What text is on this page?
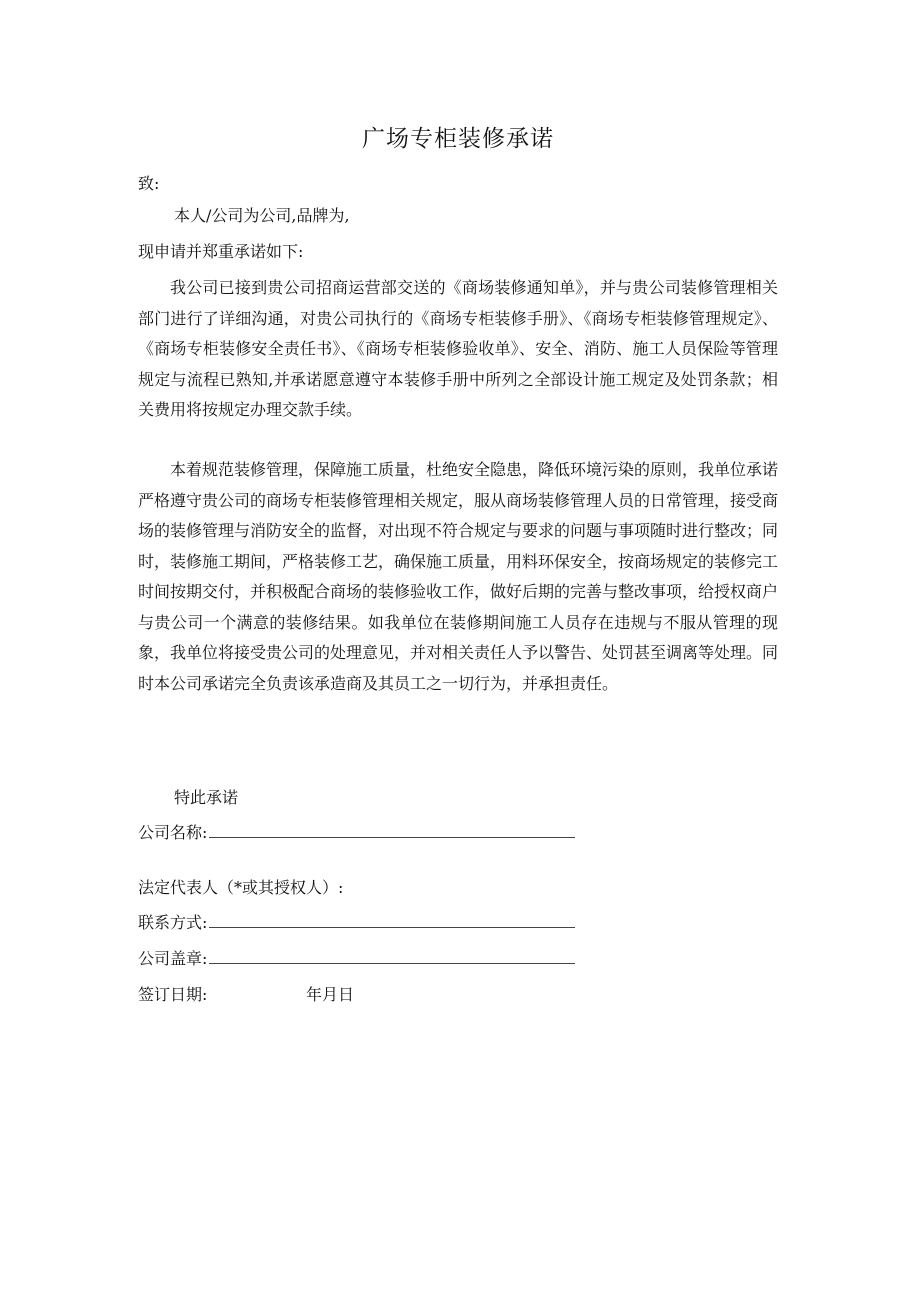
广场专柜装修承诺
致:
本人/公司为公司,品牌为,
现申请并郑重承诺如下:

我公司已接到贵公司招商运营部交送的《商场装修通知单》，并与贵公司装修管理相关部门进行了详细沟通，对贵公司执行的《商场专柜装修手册》、《商场专柜装修管理规定》、《商场专柜装修安全责任书》、《商场专柜装修验收单》、安全、消防、施工人员保险等管理规定与流程已熟知,并承诺愿意遵守本装修手册中所列之全部设计施工规定及处罚条款；相关费用将按规定办理交款手续。

本着规范装修管理，保障施工质量，杜绝安全隐患，降低环境污染的原则，我单位承诺严格遵守贵公司的商场专柜装修管理相关规定，服从商场装修管理人员的日常管理，接受商场的装修管理与消防安全的监督，对出现不符合规定与要求的问题与事项随时进行整改；同时，装修施工期间，严格装修工艺，确保施工质量，用料环保安全，按商场规定的装修完工时间按期交付，并积极配合商场的装修验收工作，做好后期的完善与整改事项，给授权商户与贵公司一个满意的装修结果。如我单位在装修期间施工人员存在违规与不服从管理的现象，我单位将接受贵公司的处理意见，并对相关责任人予以警告、处罚甚至调离等处理。同时本公司承诺完全负责该承造商及其员工之一切行为，并承担责任。

特此承诺
公司名称:
法定代表人（*或其授权人）:
联系方式:
公司盖章:
签订日期:	年月日
